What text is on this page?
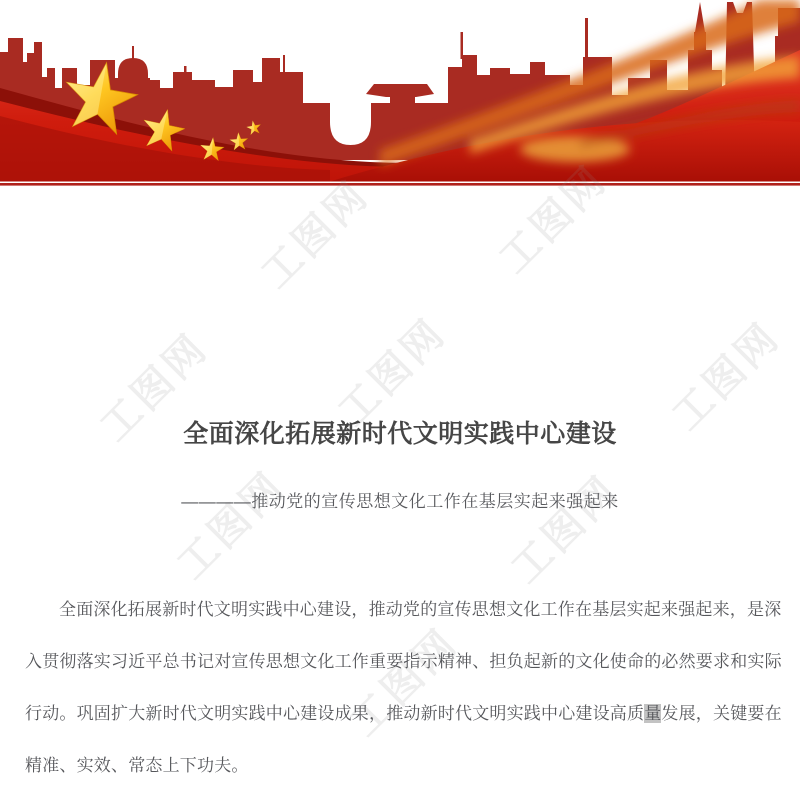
工图网	工图网
工图网	工图网	工图网
工图网	工图网
工图网
全面深化拓展新时代文明实践中心建设
————推动党的宣传思想文化工作在基层实起来强起来
全面深化拓展新时代文明实践中心建设，推动党的宣传思想文化工作在基层实起来强起来，是深
入贯彻落实习近平总书记对宣传思想文化工作重要指示精神、担负起新的文化使命的必然要求和实际
行动。巩固扩大新时代文明实践中心建设成果，推动新时代文明实践中心建设高质量发展，关键要在
精准、实效、常态上下功夫。
